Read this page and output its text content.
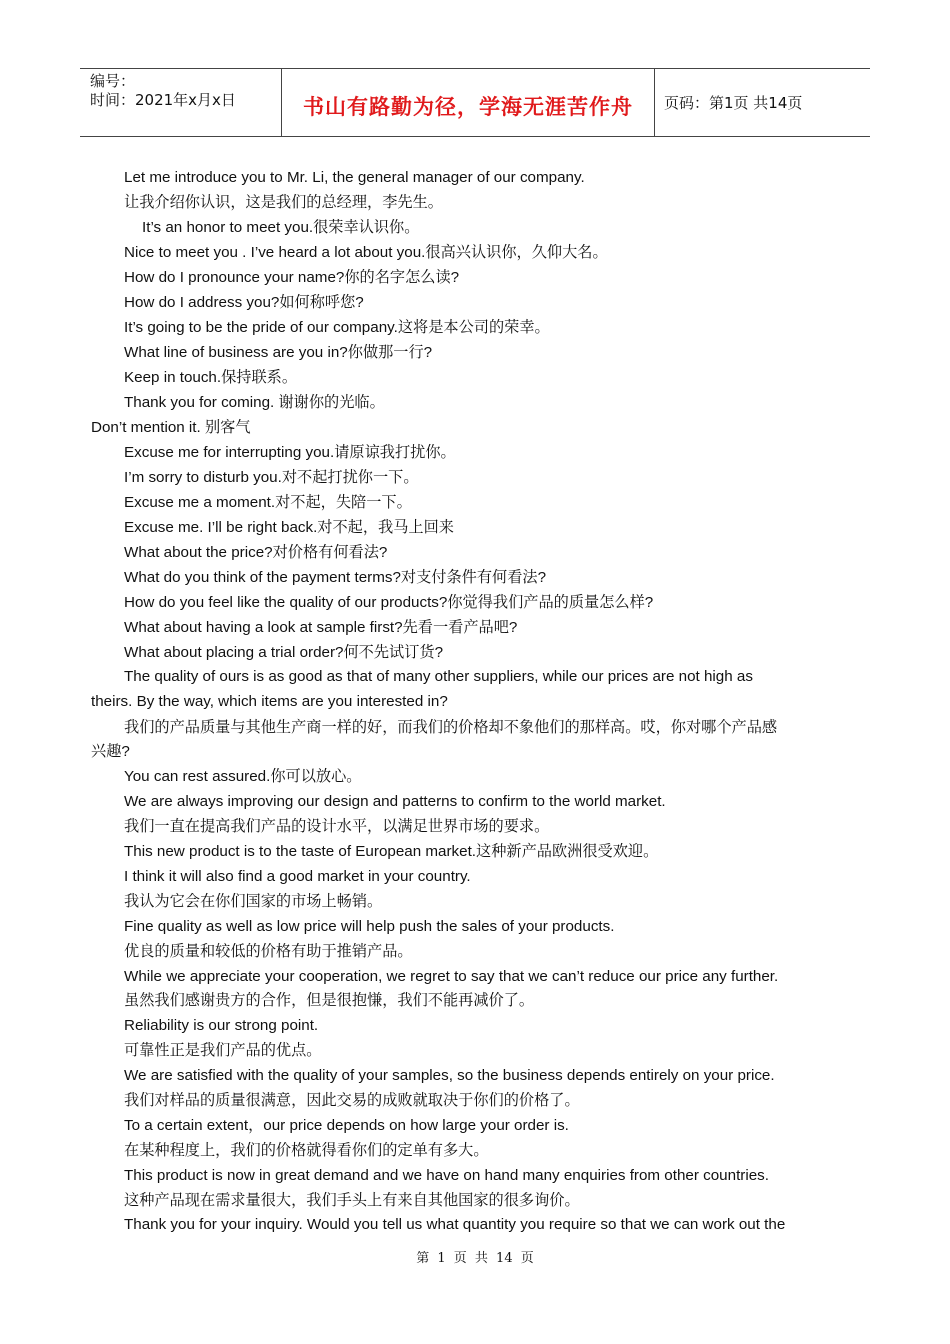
编号：
时间：2021年x月x日	书山有路勤为径，学海无涯苦作舟	页码：第1页 共14页
Let me introduce you to Mr. Li, the general manager of our company.
让我介绍你认识，这是我们的总经理，李先生。
It’s an honor to meet you.很荣幸认识你。
Nice to meet you . I’ve heard a lot about you.很高兴认识你，久仰大名。
How do I pronounce your name?你的名字怎么读?
How do I address you?如何称呼您?
It’s going to be the pride of our company.这将是本公司的荣幸。
What line of business are you in?你做那一行?
Keep in touch.保持联系。
Thank you for coming. 谢谢你的光临。
Don’t mention it. 别客气
Excuse me for interrupting you.请原谅我打扰你。
I’m sorry to disturb you.对不起打扰你一下。
Excuse me a moment.对不起，失陪一下。
Excuse me. I’ll be right back.对不起，我马上回来
What about the price?对价格有何看法?
What do you think of the payment terms?对支付条件有何看法?
How do you feel like the quality of our products?你觉得我们产品的质量怎么样?
What about having a look at sample first?先看一看产品吧?
What about placing a trial order?何不先试订货?
The quality of ours is as good as that of many other suppliers, while our prices are not high as
theirs. By the way, which items are you interested in?
我们的产品质量与其他生产商一样的好，而我们的价格却不象他们的那样高。哎，你对哪个产品感
兴趣?
You can rest assured.你可以放心。
We are always improving our design and patterns to confirm to the world market.
我们一直在提高我们产品的设计水平，以满足世界市场的要求。
This new product is to the taste of European market.这种新产品欧洲很受欢迎。
I think it will also find a good market in your country.
我认为它会在你们国家的市场上畅销。
Fine quality as well as low price will help push the sales of your products.
优良的质量和较低的价格有助于推销产品。
While we appreciate your cooperation, we regret to say that we can’t reduce our price any further.
虽然我们感谢贵方的合作，但是很抱慊，我们不能再减价了。
Reliability is our strong point.
可靠性正是我们产品的优点。
We are satisfied with the quality of your samples, so the business depends entirely on your price.
我们对样品的质量很满意，因此交易的成败就取决于你们的价格了。
To a certain extent，our price depends on how large your order is.
在某种程度上，我们的价格就得看你们的定单有多大。
This product is now in great demand and we have on hand many enquiries from other countries.
这种产品现在需求量很大，我们手头上有来自其他国家的很多询价。
Thank you for your inquiry. Would you tell us what quantity you require so that we can work out the
第 1 页 共 14 页
